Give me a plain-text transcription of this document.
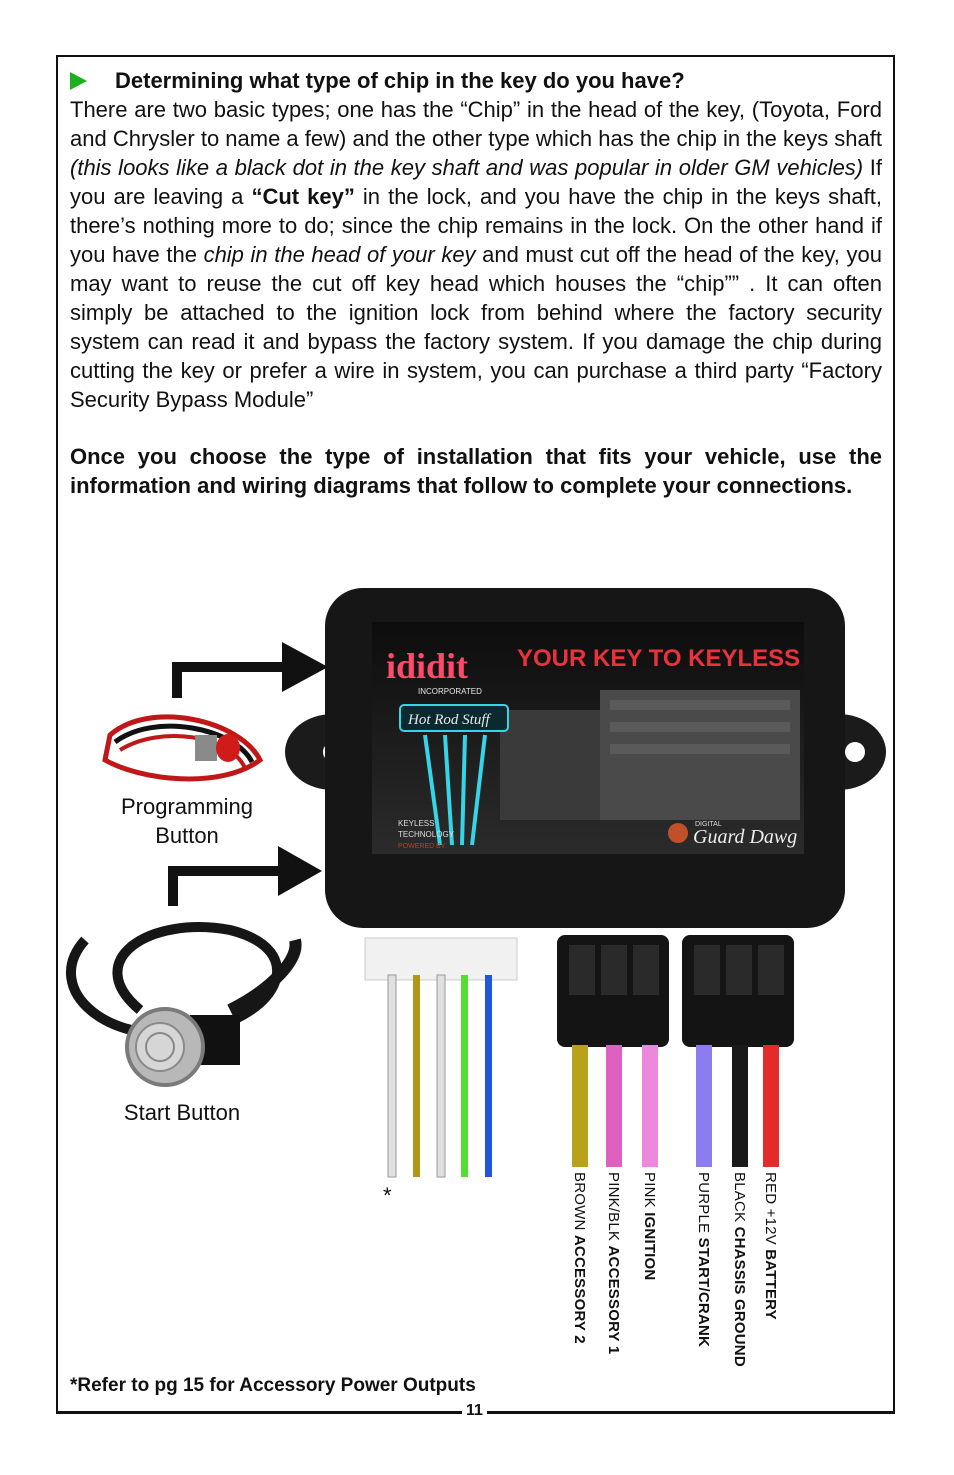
Determining what type of chip in the key do you have?
There are two basic types; one has the “Chip” in the head of the key, (Toyota, Ford and Chrysler to name a few) and the other type which has the chip in the keys shaft (this looks like a black dot in the key shaft and was popular in older GM vehicles) If you are leaving a “Cut key” in the lock, and you have the chip in the keys shaft, there’s nothing more to do; since the chip remains in the lock. On the other hand if you have the chip in the head of your key and must cut off the head of the key, you may want to reuse the cut off key head which houses the “chip”” . It can often simply be attached to the ignition lock from behind where the factory security system can read it and bypass the factory system. If you damage the chip during cutting the key or prefer a wire in system, you can purchase a third party “Factory Security Bypass Module”
Once you choose the type of installation that fits your vehicle, use the information and wiring diagrams that follow to complete your connections.
ididit
INCORPORATED
Hot Rod Stuff
YOUR KEY TO KEYLESS
KEYLESS
TECHNOLOGY
POWERED BY
DIGITAL
Guard Dawg
Programming Button
Start Button
*	BROWN ACCESSORY 2
PINK/BLK ACCESSORY 1
PINK IGNITION
PURPLE START/CRANK
BLACK CHASSIS GROUND
RED +12V BATTERY
*Refer to pg 15 for Accessory Power Outputs
11
